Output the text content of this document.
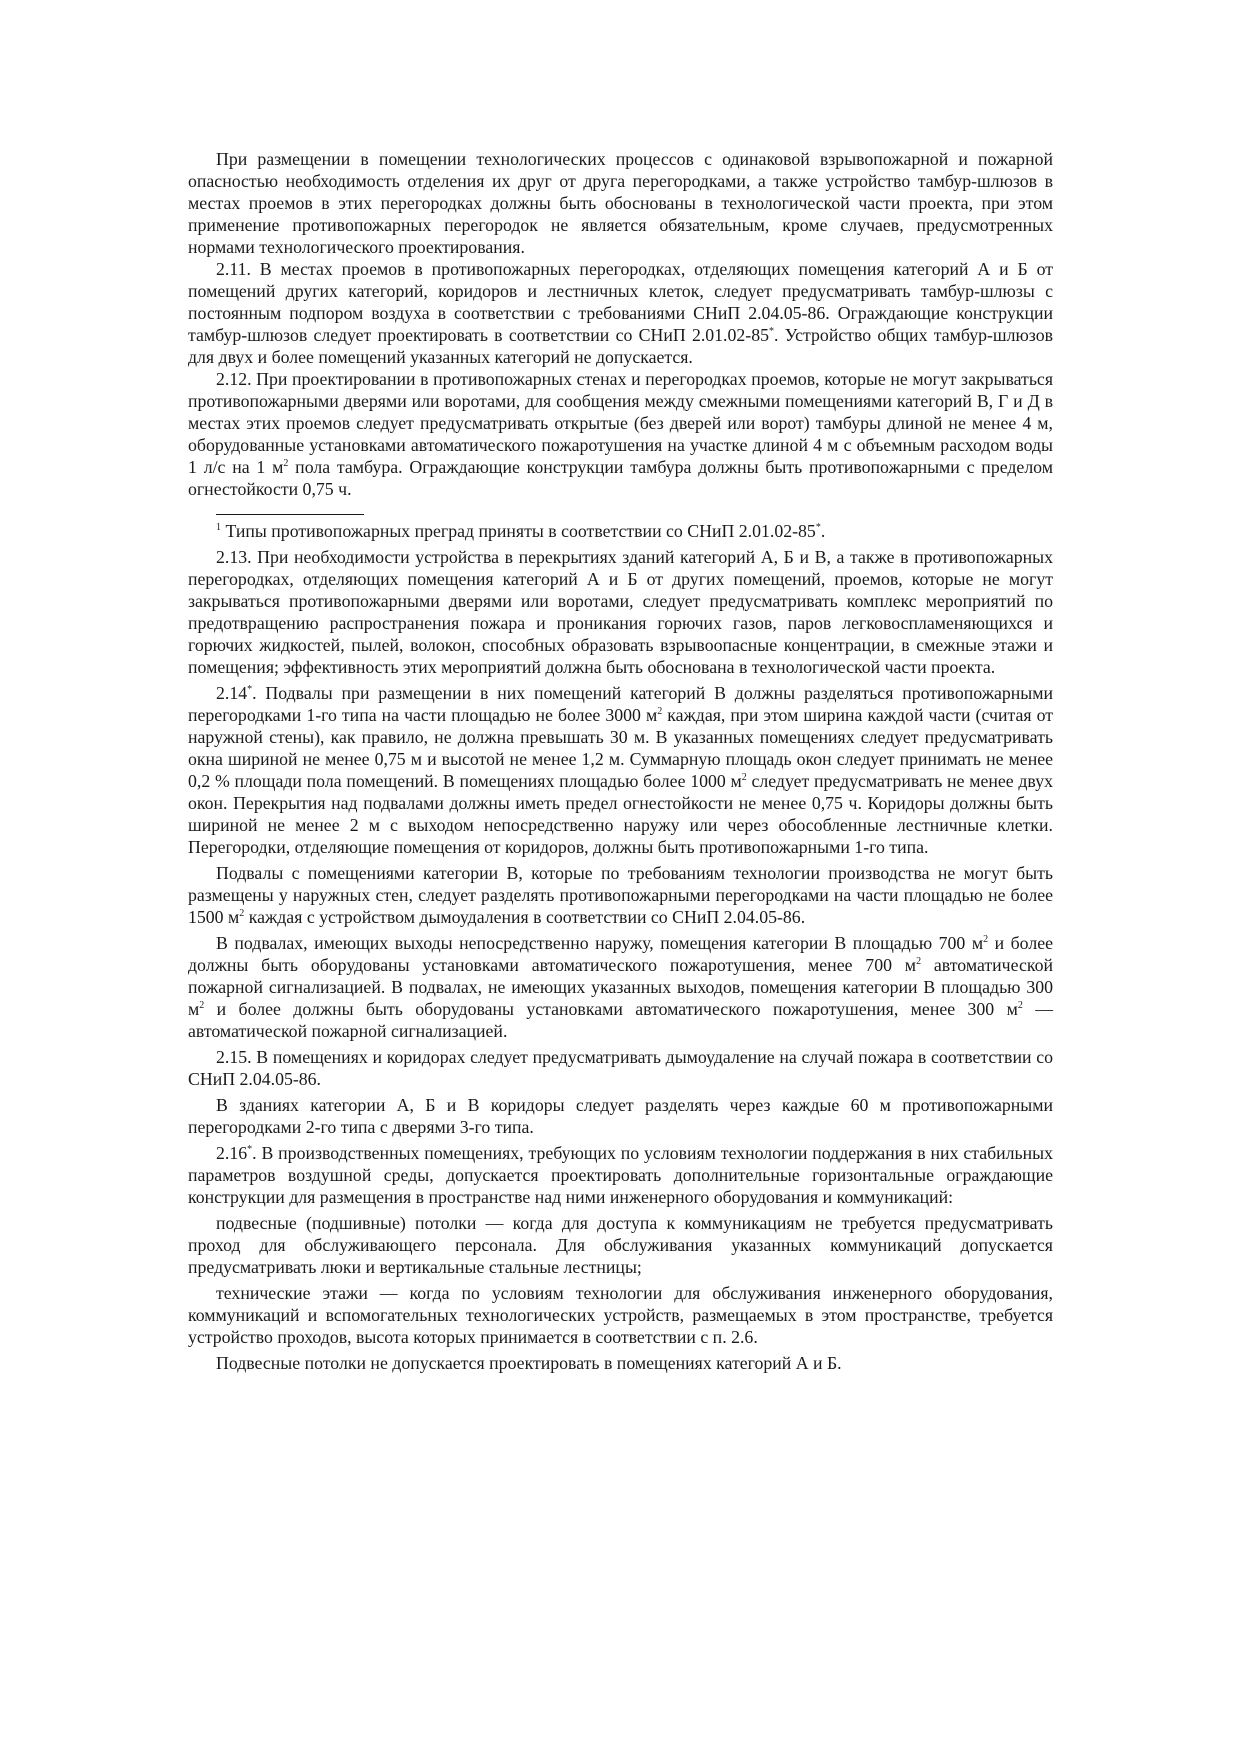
При размещении в помещении технологических процессов с одинаковой взрывопожарной и пожарной опасностью необходимость отделения их друг от друга перегородками, а также устройство тамбур-шлюзов в местах проемов в этих перегородках должны быть обоснованы в технологической части проекта, при этом применение противопожарных перегородок не является обязательным, кроме случаев, предусмотренных нормами технологического проектирования.

2.11. В местах проемов в противопожарных перегородках, отделяющих помещения категорий А и Б от помещений других категорий, коридоров и лестничных клеток, следует предусматривать тамбур-шлюзы с постоянным подпором воздуха в соответствии с требованиями СНиП 2.04.05-86. Ограждающие конструкции тамбур-шлюзов следует проектировать в соответствии со СНиП 2.01.02-85*. Устройство общих тамбур-шлюзов для двух и более помещений указанных категорий не допускается.

2.12. При проектировании в противопожарных стенах и перегородках проемов, которые не могут закрываться противопожарными дверями или воротами, для сообщения между смежными помещениями категорий В, Г и Д в местах этих проемов следует предусматривать открытые (без дверей или ворот) тамбуры длиной не менее 4 м, оборудованные установками автоматического пожаротушения на участке длиной 4 м с объемным расходом воды 1 л/с на 1 $м^2$ пола тамбура. Ограждающие конструкции тамбура должны быть противопожарными с пределом огнестойкости 0,75 ч.

$^1$ Типы противопожарных преград приняты в соответствии со СНиП 2.01.02-85*.

2.13. При необходимости устройства в перекрытиях зданий категорий А, Б и В, а также в противопожарных перегородках, отделяющих помещения категорий А и Б от других помещений, проемов, которые не могут закрываться противопожарными дверями или воротами, следует предусматривать комплекс мероприятий по предотвращению распространения пожара и проникания горючих газов, паров легковоспламеняющихся и горючих жидкостей, пылей, волокон, способных образовать взрывоопасные концентрации, в смежные этажи и помещения; эффективность этих мероприятий должна быть обоснована в технологической части проекта.

2.14*. Подвалы при размещении в них помещений категорий В должны разделяться противопожарными перегородками 1-го типа на части площадью не более 3000 $м^2$ каждая, при этом ширина каждой части (считая от наружной стены), как правило, не должна превышать 30 м. В указанных помещениях следует предусматривать окна шириной не менее 0,75 м и высотой не менее 1,2 м. Суммарную площадь окон следует принимать не менее 0,2 % площади пола помещений. В помещениях площадью более 1000 $м^2$ следует предусматривать не менее двух окон. Перекрытия над подвалами должны иметь предел огнестойкости не менее 0,75 ч. Коридоры должны быть шириной не менее 2 м с выходом непосредственно наружу или через обособленные лестничные клетки. Перегородки, отделяющие помещения от коридоров, должны быть противопожарными 1-го типа.

Подвалы с помещениями категории В, которые по требованиям технологии производства не могут быть размещены у наружных стен, следует разделять противопожарными перегородками на части площадью не более 1500 $м^2$ каждая с устройством дымоудаления в соответствии со СНиП 2.04.05-86.

В подвалах, имеющих выходы непосредственно наружу, помещения категории В площадью 700 $м^2$ и более должны быть оборудованы установками автоматического пожаротушения, менее 700 $м^2$ автоматической пожарной сигнализацией. В подвалах, не имеющих указанных выходов, помещения категории В площадью 300 $м^2$ и более должны быть оборудованы установками автоматического пожаротушения, менее 300 $м^2$ — автоматической пожарной сигнализацией.

2.15. В помещениях и коридорах следует предусматривать дымоудаление на случай пожара в соответствии со СНиП 2.04.05-86.

В зданиях категории А, Б и В коридоры следует разделять через каждые 60 м противопожарными перегородками 2-го типа с дверями 3-го типа.

2.16*. В производственных помещениях, требующих по условиям технологии поддержания в них стабильных параметров воздушной среды, допускается проектировать дополнительные горизонтальные ограждающие конструкции для размещения в пространстве над ними инженерного оборудования и коммуникаций:

подвесные (подшивные) потолки — когда для доступа к коммуникациям не требуется предусматривать проход для обслуживающего персонала. Для обслуживания указанных коммуникаций допускается предусматривать люки и вертикальные стальные лестницы;

технические этажи — когда по условиям технологии для обслуживания инженерного оборудования, коммуникаций и вспомогательных технологических устройств, размещаемых в этом пространстве, требуется устройство проходов, высота которых принимается в соответствии с п. 2.6.

Подвесные потолки не допускается проектировать в помещениях категорий А и Б.
